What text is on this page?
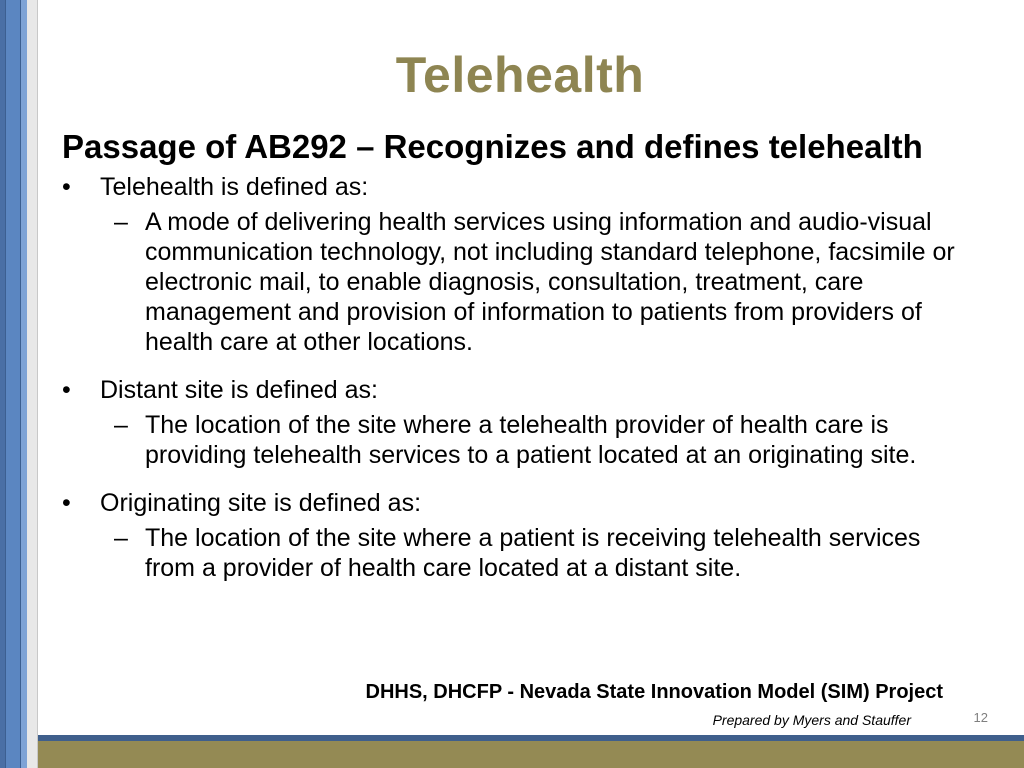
Telehealth
Passage of AB292 – Recognizes and defines telehealth
• Telehealth is defined as:
– A mode of delivering health services using information and audio-visual communication technology, not including standard telephone, facsimile or electronic mail, to enable diagnosis, consultation, treatment, care management and provision of information to patients from providers of health care at other locations.
• Distant site is defined as:
– The location of the site where a telehealth provider of health care is providing telehealth services to a patient located at an originating site.
• Originating site is defined as:
– The location of the site where a patient is receiving telehealth services from a provider of health care located at a distant site.
DHHS, DHCFP - Nevada State Innovation Model (SIM) Project
Prepared by Myers and Stauffer	12
